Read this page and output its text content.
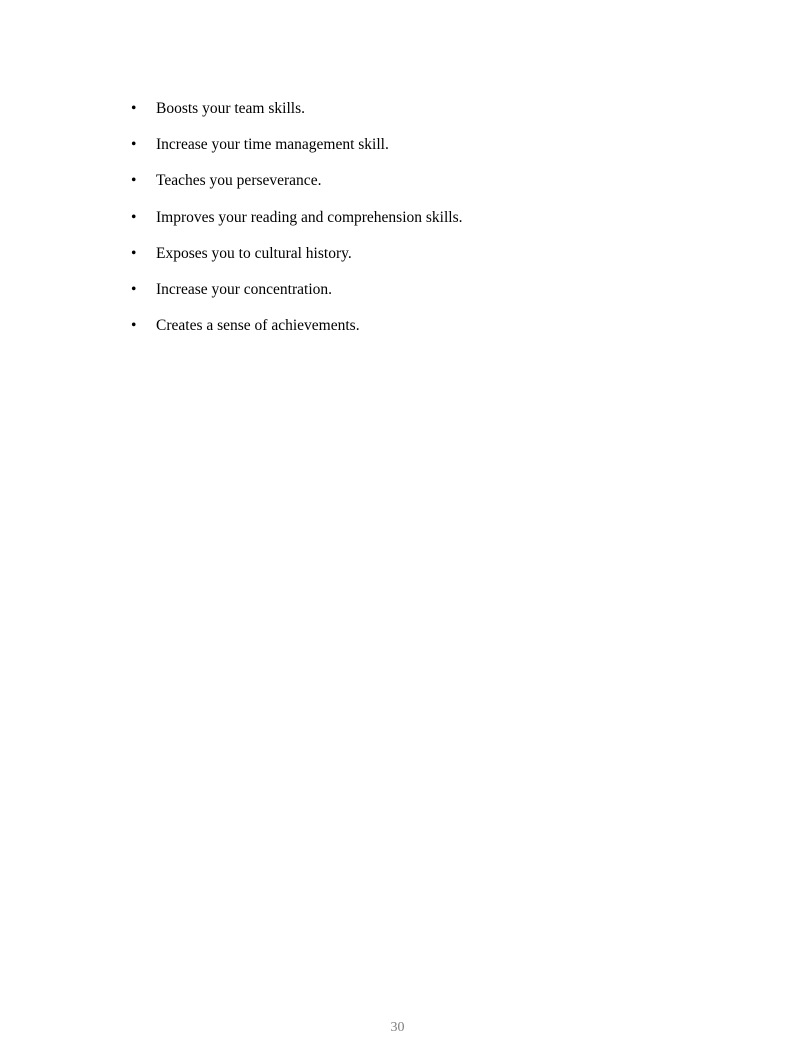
•	Boosts your team skills.
•	Increase your time management skill.
•	Teaches you perseverance.
•	Improves your reading and comprehension skills.
•	Exposes you to cultural history.
•	Increase your concentration.
•	Creates a sense of achievements.
30
